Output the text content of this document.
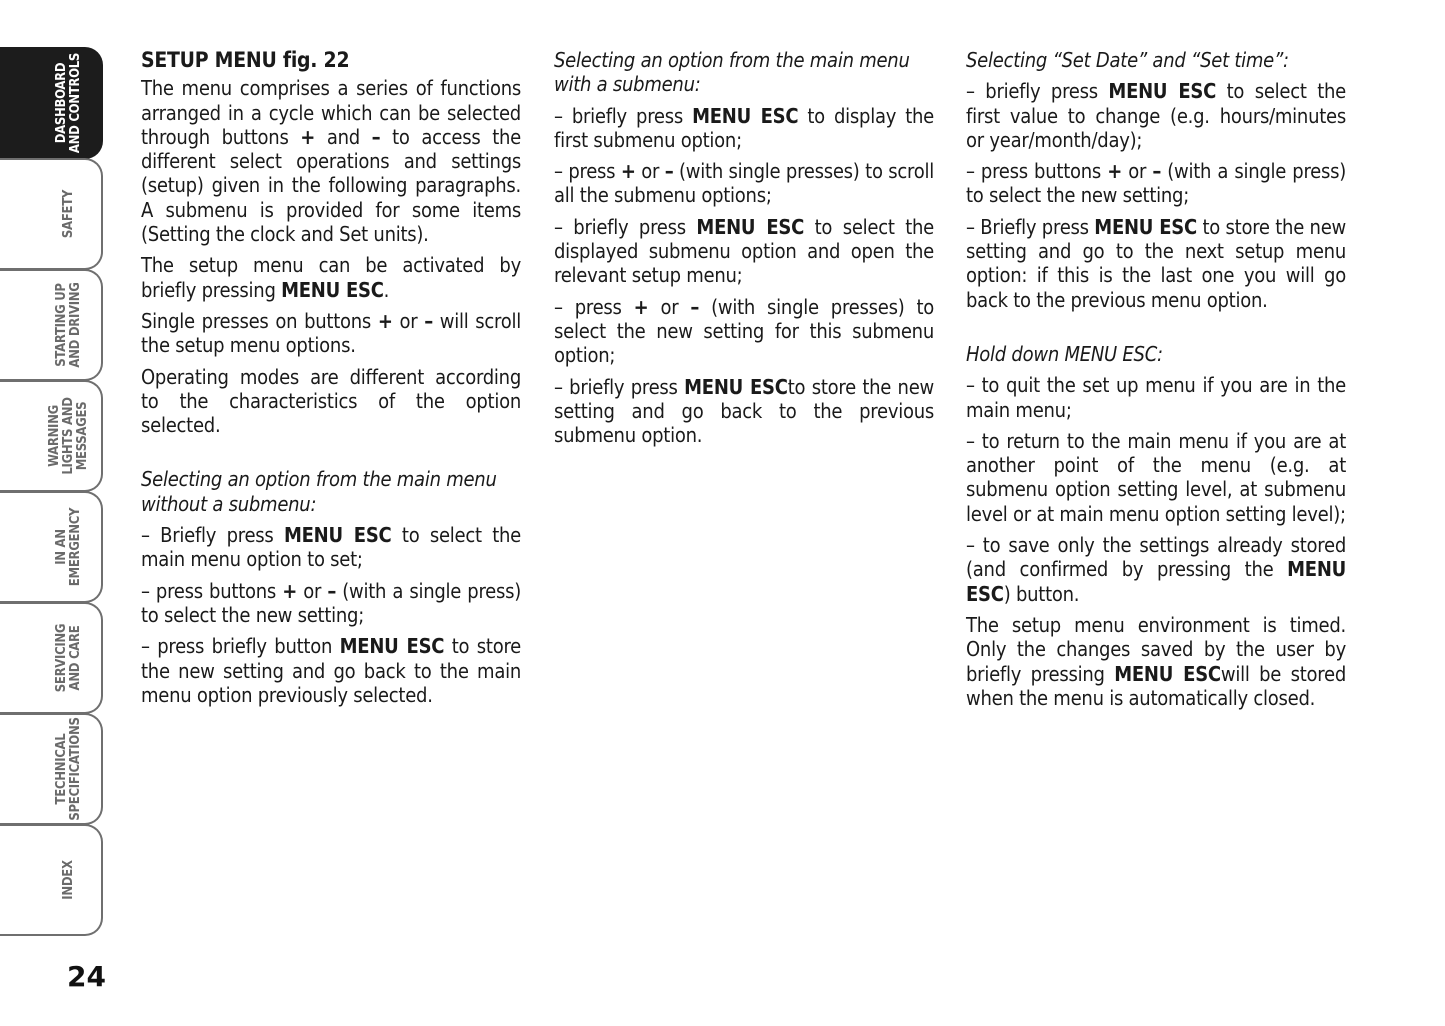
DASHBOARD
AND CONTROLS
SAFETY
STARTING UP
AND DRIVING
WARNING
LIGHTS AND
MESSAGES
IN AN
EMERGENCY
SERVICING
AND CARE
TECHNICAL
SPECIFICATIONS
INDEX
24

SETUP MENU fig. 22

The menu comprises a series of functions arranged in a cycle which can be selected through buttons + and – to access the different select operations and settings (setup) given in the following paragraphs. A submenu is provided for some items (Setting the clock and Set units).

The setup menu can be activated by briefly pressing MENU ESC.

Single presses on buttons + or – will scroll the setup menu options.

Operating modes are different according to the characteristics of the option selected.

Selecting an option from the main menu without a submenu:

– Briefly press MENU ESC to select the main menu option to set;

– press buttons + or – (with a single press) to select the new setting;

– press briefly button MENU ESC to store the new setting and go back to the main menu option previously selected.

Selecting an option from the main menu with a submenu:

– briefly press MENU ESC to display the first submenu option;

– press + or – (with single presses) to scroll all the submenu options;

– briefly press MENU ESC to select the displayed submenu option and open the relevant setup menu;

– press + or – (with single presses) to select the new setting for this submenu option;

– briefly press MENU ESCto store the new setting and go back to the previous submenu option.

Selecting “Set Date” and “Set time”:

– briefly press MENU ESC to select the first value to change (e.g. hours/minutes or year/month/day);

– press buttons + or – (with a single press) to select the new setting;

– Briefly press MENU ESC to store the new setting and go to the next setup menu option: if this is the last one you will go back to the previous menu option.

Hold down MENU ESC:

– to quit the set up menu if you are in the main menu;

– to return to the main menu if you are at another point of the menu (e.g. at submenu option setting level, at submenu level or at main menu option setting level);

– to save only the settings already stored (and confirmed by pressing the MENU ESC) button.

The setup menu environment is timed. Only the changes saved by the user by briefly pressing MENU ESCwill be stored when the menu is automatically closed.
